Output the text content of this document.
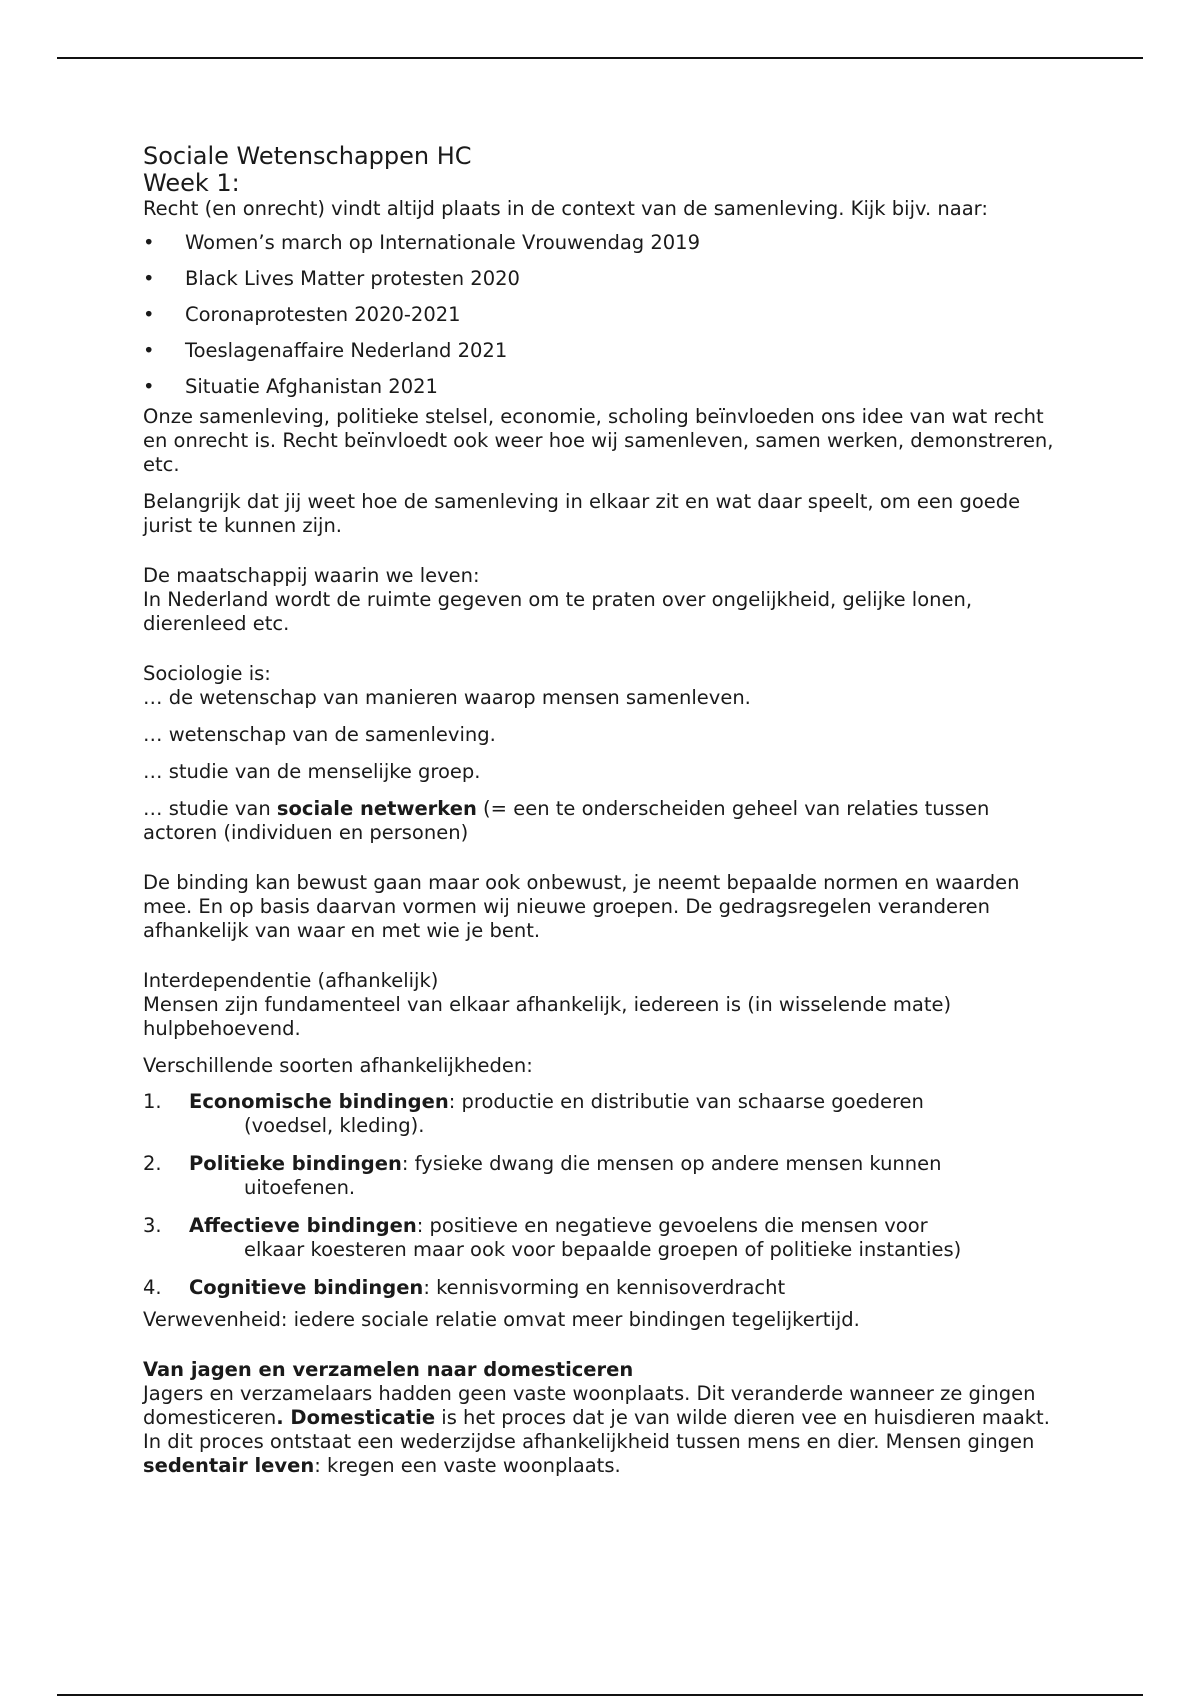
Sociale Wetenschappen HC
Week 1:

Recht (en onrecht) vindt altijd plaats in de context van de samenleving. Kijk bijv. naar:

• Women’s march op Internationale Vrouwendag 2019
• Black Lives Matter protesten 2020
• Coronaprotesten 2020-2021
• Toeslagenaffaire Nederland 2021
• Situatie Afghanistan 2021

Onze samenleving, politieke stelsel, economie, scholing beïnvloeden ons idee van wat recht en onrecht is. Recht beïnvloedt ook weer hoe wij samenleven, samen werken, demonstreren, etc.

Belangrijk dat jij weet hoe de samenleving in elkaar zit en wat daar speelt, om een goede jurist te kunnen zijn.

De maatschappij waarin we leven:

In Nederland wordt de ruimte gegeven om te praten over ongelijkheid, gelijke lonen, dierenleed etc.

Sociologie is:

… de wetenschap van manieren waarop mensen samenleven.

… wetenschap van de samenleving.

… studie van de menselijke groep.

… studie van sociale netwerken (= een te onderscheiden geheel van relaties tussen actoren (individuen en personen)

De binding kan bewust gaan maar ook onbewust, je neemt bepaalde normen en waarden mee. En op basis daarvan vormen wij nieuwe groepen. De gedragsregelen veranderen afhankelijk van waar en met wie je bent.

Interdependentie (afhankelijk)

Mensen zijn fundamenteel van elkaar afhankelijk, iedereen is (in wisselende mate) hulpbehoevend.

Verschillende soorten afhankelijkheden:

1. Economische bindingen: productie en distributie van schaarse goederen
(voedsel, kleding).
2. Politieke bindingen: fysieke dwang die mensen op andere mensen kunnen
uitoefenen.
3. Affectieve bindingen: positieve en negatieve gevoelens die mensen voor
elkaar koesteren maar ook voor bepaalde groepen of politieke instanties)
4. Cognitieve bindingen: kennisvorming en kennisoverdracht

Verwevenheid: iedere sociale relatie omvat meer bindingen tegelijkertijd.

Van jagen en verzamelen naar domesticeren

Jagers en verzamelaars hadden geen vaste woonplaats. Dit veranderde wanneer ze gingen domesticeren. Domesticatie is het proces dat je van wilde dieren vee en huisdieren maakt. In dit proces ontstaat een wederzijdse afhankelijkheid tussen mens en dier. Mensen gingen sedentair leven: kregen een vaste woonplaats.
